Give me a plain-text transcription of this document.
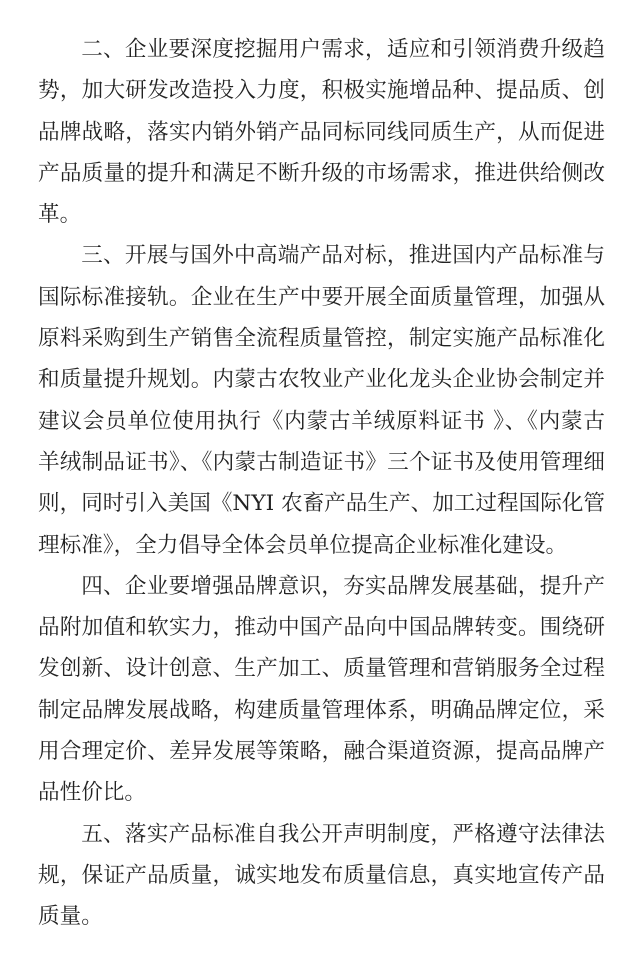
二、企业要深度挖掘用户需求，适应和引领消费升级趋势，加大研发改造投入力度，积极实施增品种、提品质、创品牌战略，落实内销外销产品同标同线同质生产，从而促进产品质量的提升和满足不断升级的市场需求，推进供给侧改革。

三、开展与国外中高端产品对标，推进国内产品标准与国际标准接轨。企业在生产中要开展全面质量管理，加强从原料采购到生产销售全流程质量管控，制定实施产品标准化和质量提升规划。内蒙古农牧业产业化龙头企业协会制定并建议会员单位使用执行《内蒙古羊绒原料证书 》、《内蒙古羊绒制品证书》、《内蒙古制造证书》三个证书及使用管理细则，同时引入美国《NYI 农畜产品生产、加工过程国际化管理标准》，全力倡导全体会员单位提高企业标准化建设。

四、企业要增强品牌意识，夯实品牌发展基础，提升产品附加值和软实力，推动中国产品向中国品牌转变。围绕研发创新、设计创意、生产加工、质量管理和营销服务全过程制定品牌发展战略，构建质量管理体系，明确品牌定位，采用合理定价、差异发展等策略，融合渠道资源，提高品牌产品性价比。

五、落实产品标准自我公开声明制度，严格遵守法律法规，保证产品质量，诚实地发布质量信息，真实地宣传产品质量。
